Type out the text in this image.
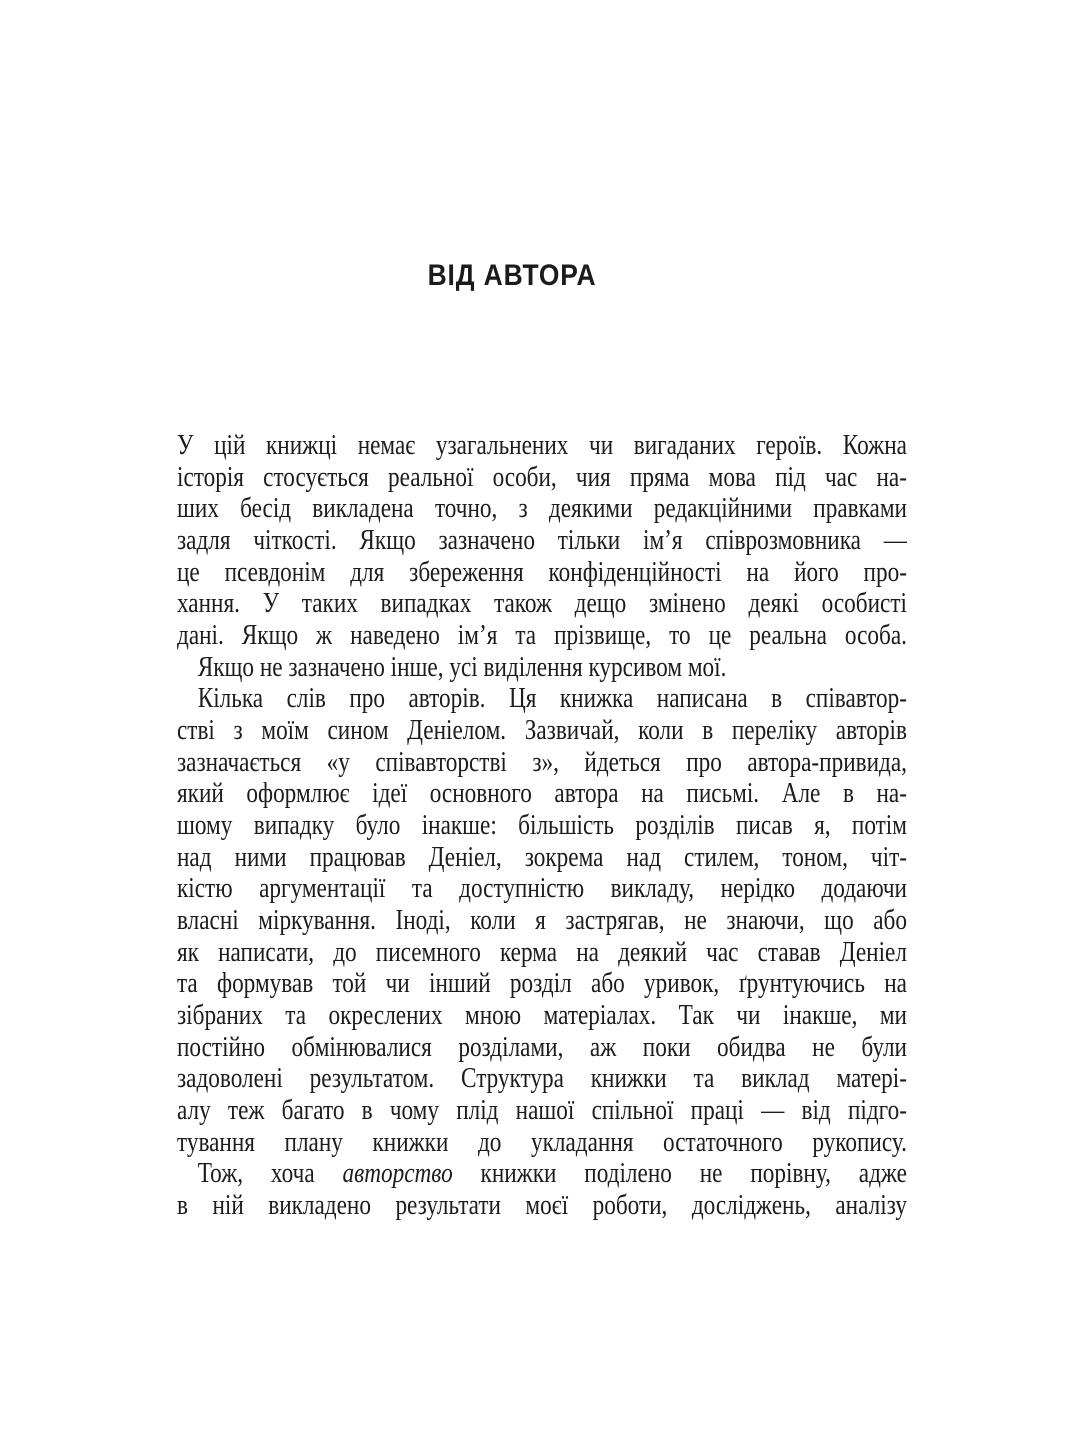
ВІД АВТОРА
У цій книжці немає узагальнених чи вигаданих героїв. Кожна
історія стосується реальної особи, чия пряма мова під час на-
ших бесід викладена точно, з деякими редакційними правками
задля чіткості. Якщо зазначено тільки ім’я співрозмовника —
це псевдонім для збереження конфіденційності на його про-
хання. У таких випадках також дещо змінено деякі особисті
дані. Якщо ж наведено ім’я та прізвище, то це реальна особа.
Якщо не зазначено інше, усі виділення курсивом мої.
Кілька слів про авторів. Ця книжка написана в співавтор-
стві з моїм сином Деніелом. Зазвичай, коли в переліку авторів
зазначається «у співавторстві з», йдеться про автора-привида,
який оформлює ідеї основного автора на письмі. Але в на-
шому випадку було інакше: більшість розділів писав я, потім
над ними працював Деніел, зокрема над стилем, тоном, чіт-
кістю аргументації та доступністю викладу, нерідко додаючи
власні міркування. Іноді, коли я застрягав, не знаючи, що або
як написати, до писемного керма на деякий час ставав Деніел
та формував той чи інший розділ або уривок, ґрунтуючись на
зібраних та окреслених мною матеріалах. Так чи інакше, ми
постійно обмінювалися розділами, аж поки обидва не були
задоволені результатом. Структура книжки та виклад матері-
алу теж багато в чому плід нашої спільної праці — від підго-
тування плану книжки до укладання остаточного рукопису.
Тож, хоча авторство книжки поділено не порівну, адже
в ній викладено результати моєї роботи, досліджень, аналізу
